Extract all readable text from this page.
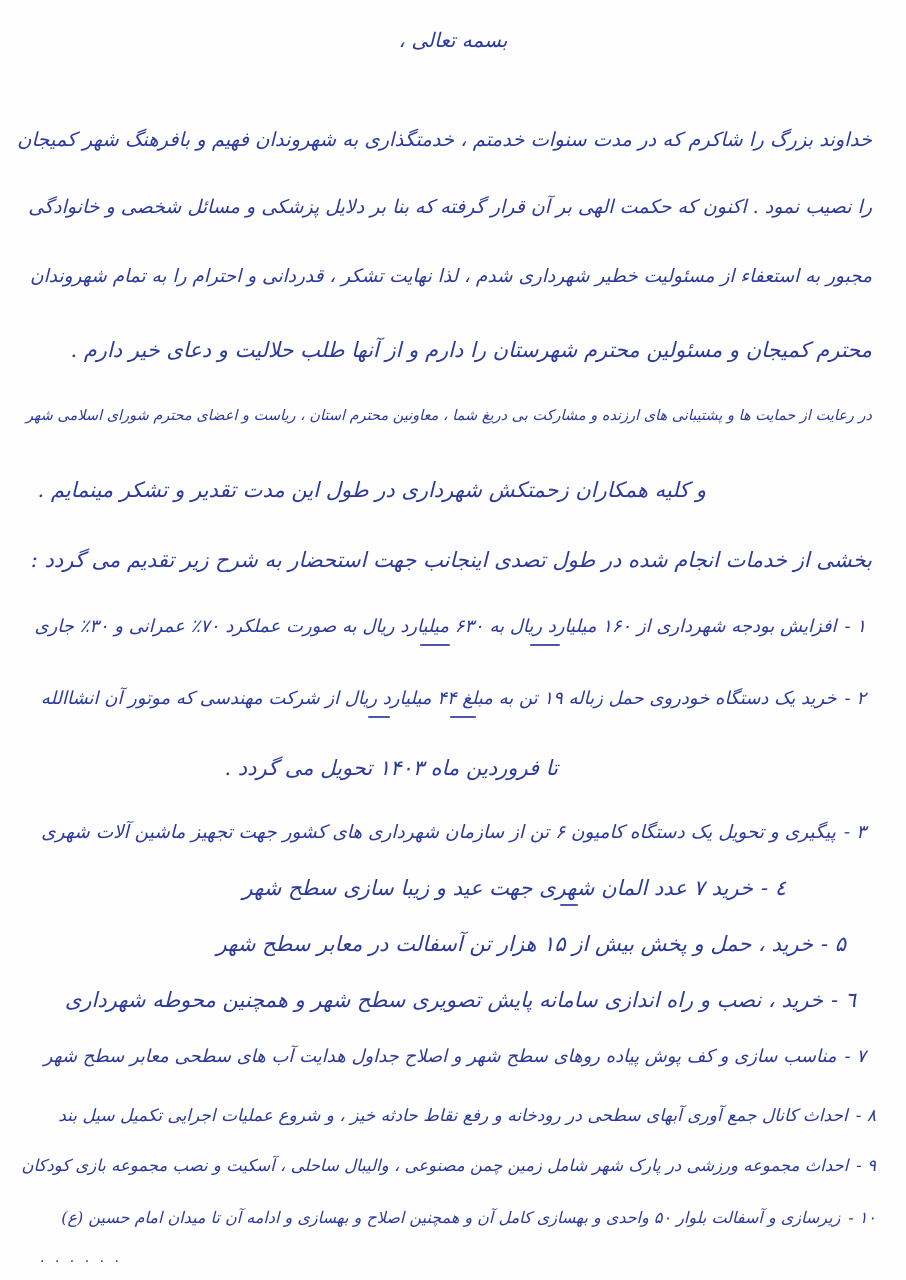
بسمه تعالی ،
خداوند بزرگ را شاکرم که در مدت سنوات خدمتم ، خدمتگذاری به شهروندان فهیم و بافرهنگ شهر کمیجان
را نصیب نمود . اکنون که حکمت الهی بر آن قرار گرفته که بنا بر دلایل پزشکی و مسائل شخصی و خانوادگی
مجبور به استعفاء از مسئولیت خطیر شهرداری شدم ، لذا نهایت تشکر ، قدردانی و احترام را به تمام شهروندان
محترم کمیجان و مسئولین محترم شهرستان را دارم و از آنها طلب حلالیت و دعای خیر دارم .
در رعایت از حمایت ها و پشتیبانی های ارزنده و مشارکت بی دریغ شما ، معاونین محترم استان ، ریاست و اعضای محترم شورای اسلامی شهر
و کلیه همکاران زحمتکش شهرداری در طول این مدت تقدیر و تشکر مینمایم .
بخشی از خدمات انجام شده در طول تصدی اینجانب جهت استحضار به شرح زیر تقدیم می گردد :
۱ -افزایش بودجه شهرداری از ۱۶۰ میلیارد ریال به ۶۳۰ میلیارد ریال به صورت عملکرد ۷۰٪ عمرانی و ۳۰٪ جاری
۲ -خرید یک دستگاه خودروی حمل زباله ۱۹ تن به مبلغ ۴۴ میلیارد ریال از شرکت مهندسی که موتور آن انشاالله
تا فروردین ماه ۱۴۰۳ تحویل می گردد .
۳ -پیگیری و تحویل یک دستگاه کامیون ۶ تن از سازمان شهرداری های کشور جهت تجهیز ماشین آلات شهری
٤ -خرید ۷ عدد المان شهری جهت عید و زیبا سازی سطح شهر
۵ -خرید ، حمل و پخش بیش از ۱۵ هزار تن آسفالت در معابر سطح شهر
٦ -خرید ، نصب و راه اندازی سامانه پایش تصویری سطح شهر و همچنین محوطه شهرداری
۷ -مناسب سازی و کف پوش پیاده روهای سطح شهر و اصلاح جداول هدایت آب های سطحی معابر سطح شهر
۸ -احداث کانال جمع آوری آبهای سطحی در رودخانه و رفع نقاط حادثه خیز ، و شروع عملیات اجرایی تکمیل سیل بند
۹ -احداث مجموعه ورزشی در پارک شهر شامل زمین چمن مصنوعی ، والیبال ساحلی ، آسکیت و نصب مجموعه بازی کودکان
۱۰ -زیرسازی و آسفالت بلوار ۵۰ واحدی و بهسازی کامل آن و همچنین اصلاح و بهسازی و ادامه آن تا میدان امام حسین (ع)
. . . . . .
